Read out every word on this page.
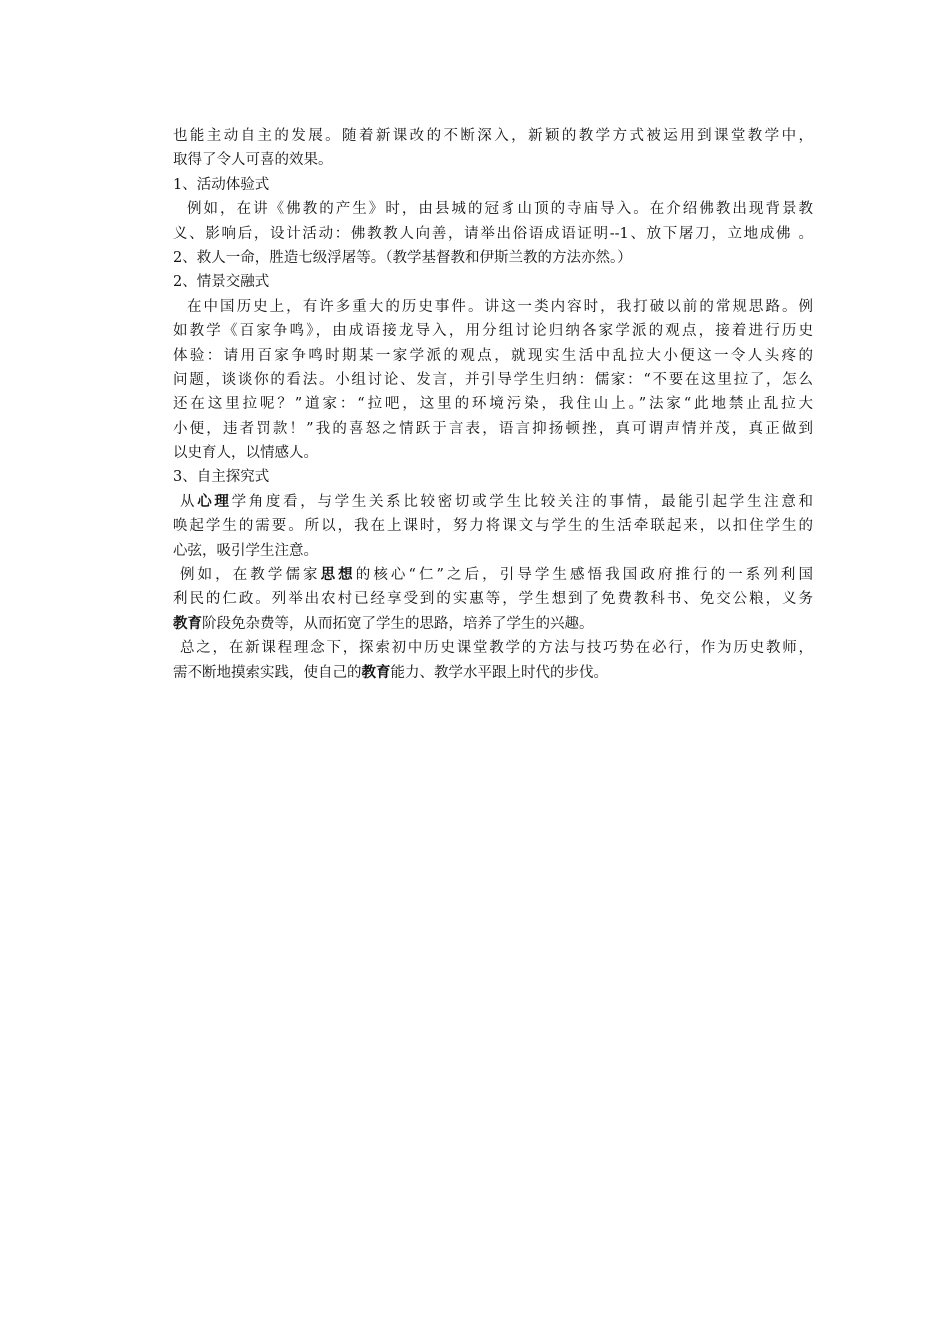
也能主动自主的发展。随着新课改的不断深入，新颖的教学方式被运用到课堂教学中，
取得了令人可喜的效果。
1、活动体验式
例如，在讲《佛教的产生》时，由县城的冠豸山顶的寺庙导入。在介绍佛教出现背景教
义、影响后，设计活动：佛教教人向善，请举出俗语成语证明--1、放下屠刀，立地成佛 。
2、救人一命，胜造七级浮屠等。（教学基督教和伊斯兰教的方法亦然。）
2、情景交融式
在中国历史上，有许多重大的历史事件。讲这一类内容时，我打破以前的常规思路。例
如教学《百家争鸣》，由成语接龙导入，用分组讨论归纳各家学派的观点，接着进行历史
体验：请用百家争鸣时期某一家学派的观点，就现实生活中乱拉大小便这一令人头疼的
问题，谈谈你的看法。小组讨论、发言，并引导学生归纳：儒家：“不要在这里拉了，怎么
还在这里拉呢？”道家：“拉吧，这里的环境污染，我住山上。”法家“此地禁止乱拉大
小便，违者罚款！”我的喜怒之情跃于言表，语言抑扬顿挫，真可谓声情并茂，真正做到
以史育人，以情感人。
3、自主探究式
从心理学角度看，与学生关系比较密切或学生比较关注的事情，最能引起学生注意和
唤起学生的需要。所以，我在上课时，努力将课文与学生的生活牵联起来，以扣住学生的
心弦，吸引学生注意。
例如，在教学儒家思想的核心“仁”之后，引导学生感悟我国政府推行的一系列利国
利民的仁政。列举出农村已经享受到的实惠等，学生想到了免费教科书、免交公粮，义务
教育阶段免杂费等，从而拓宽了学生的思路，培养了学生的兴趣。
总之，在新课程理念下，探索初中历史课堂教学的方法与技巧势在必行，作为历史教师，
需不断地摸索实践，使自己的教育能力、教学水平跟上时代的步伐。
